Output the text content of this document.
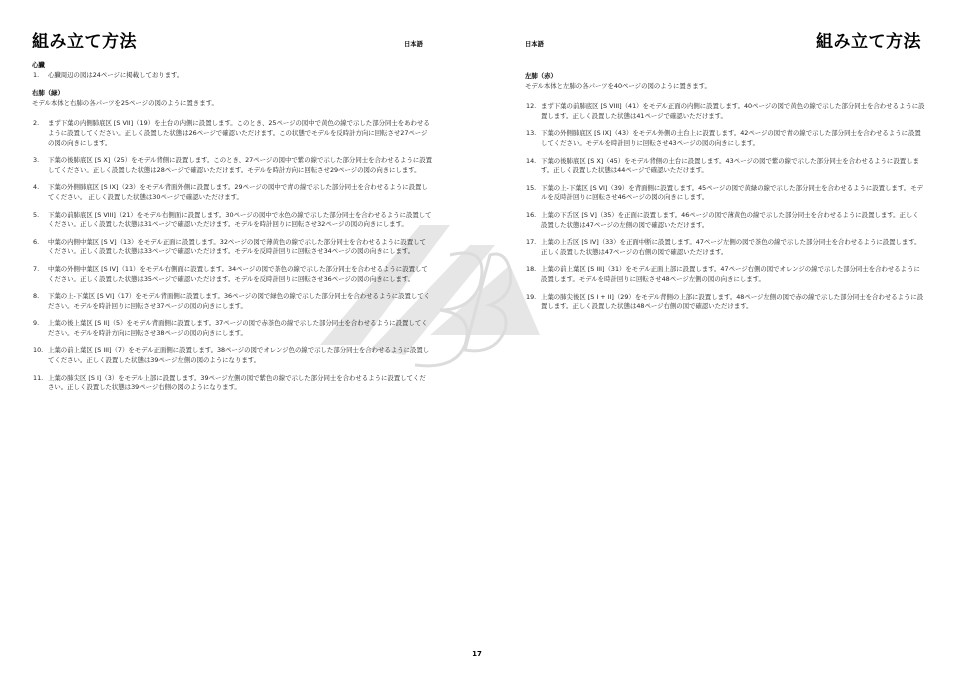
組み立て方法	日本語
心臓
1. 心臓周辺の図は24ページに掲載しております。
右肺（緑）

モデル本体と右肺の各パーツを25ページの図のように置きます。

2. まず下葉の内側肺底区 [S VII]（19）を土台の内側に設置します。このとき、25ページの図中で黄色の線で示した部分同士をあわせるように設置してください。正しく設置した状態は26ページで確認いただけます。この状態でモデルを反時計方向に回転させ27ページの図の向きにします。
3. 下葉の後肺底区 [S X]（25）をモデル背側に設置します。このとき、27ページの図中で紫の線で示した部分同士を合わせるように設置してください。正しく設置した状態は28ページで確認いただけます。モデルを時計方向に回転させ29ページの図の向きにします。
4. 下葉の外側肺底区 [S IX]（23）をモデル背面外側に設置します。29ページの図中で青の線で示した部分同士を合わせるように設置してください。 正しく設置した状態は30ページで確認いただけます。
5. 下葉の前肺底区 [S VIII]（21）をモデル右側面に設置します。30ページの図中で水色の線で示した部分同士を合わせるように設置してください。正しく設置した状態は31ページで確認いただけます。モデルを時計回りに回転させ32ページの図の向きにします。
6. 中葉の内側中葉区 [S V]（13）をモデル正面に設置します。32ページの図で薄黄色の線で示した部分同士を合わせるように設置してください。正しく設置した状態は33ページで確認いただけます。モデルを反時計回りに回転させ34ページの図の向きにします。
7. 中葉の外側中葉区 [S IV]（11）をモデル右側面に設置します。34ページの図で茶色の線で示した部分同士を合わせるように設置してください。正しく設置した状態は35ページで確認いただけます。モデルを反時計回りに回転させ36ページの図の向きにします。
8. 下葉の上-下葉区 [S VI]（17）をモデル背面側に設置します。36ページの図で緑色の線で示した部分同士を合わせるように設置してください。モデルを時計回りに回転させ37ページの図の向きにします。
9. 上葉の後上葉区 [S II]（5）をモデル背面側に設置します。37ページの図で赤茶色の線で示した部分同士を合わせるように設置してください。モデルを時計方向に回転させ38ページの図の向きにします。
10. 上葉の前上葉区 [S III]（7）をモデル正面側に設置します。38ページの図でオレンジ色の線で示した部分同士を合わせるように設置してください。正しく設置した状態は39ページ左側の図のようになります。
11. 上葉の肺尖区 [S I]（3）をモデル上部に設置します。39ページ左側の図で紫色の線で示した部分同士を合わせるように設置してください。正しく設置した状態は39ページ右側の図のようになります。
日本語	組み立て方法
左肺（赤）

モデル本体と左肺の各パーツを40ページの図のように置きます。

12. まず下葉の前肺底区 [S VIII]（41）をモデル正面の内側に設置します。40ページの図で黄色の線で示した部分同士を合わせるように設置します。正しく設置した状態は41ページで確認いただけます。
13. 下葉の外側肺底区 [S IX]（43）をモデル外側の土台上に設置します。42ページの図で青の線で示した部分同士を合わせるように設置してください。モデルを時計回りに回転させ43ページの図の向きにします。
14. 下葉の後肺底区 [S X]（45）をモデル背側の土台に設置します。43ページの図で紫の線で示した部分同士を合わせるように設置します。正しく設置した状態は44ページで確認いただけます。
15. 下葉の上-下葉区 [S VI]（39）を背面側に設置します。45ページの図で黄緑の線で示した部分同士を合わせるように設置します。モデルを反時計回りに回転させ46ページの図の向きにします。
16. 上葉の下舌区 [S V]（35）を正面に設置します。46ページの図で薄黄色の線で示した部分同士を合わせるように設置します。正しく設置した状態は47ページの左側の図で確認いただけます。
17. 上葉の上舌区 [S IV]（33）を正面中断に設置します。47ページ左側の図で茶色の線で示した部分同士を合わせるように設置します。正しく設置した状態は47ページの右側の図で確認いただけます。
18. 上葉の前上葉区 [S III]（31）をモデル正面上部に設置します。47ページ右側の図でオレンジの線で示した部分同士を合わせるように設置します。モデルを時計回りに回転させ48ページ左側の図の向きにします。
19. 上葉の肺尖後区 [S I + II]（29）をモデル背側の上部に設置します。48ページ左側の図で赤の線で示した部分同士を合わせるように設置します。正しく設置した状態は48ページ右側の図で確認いただけます。
17
